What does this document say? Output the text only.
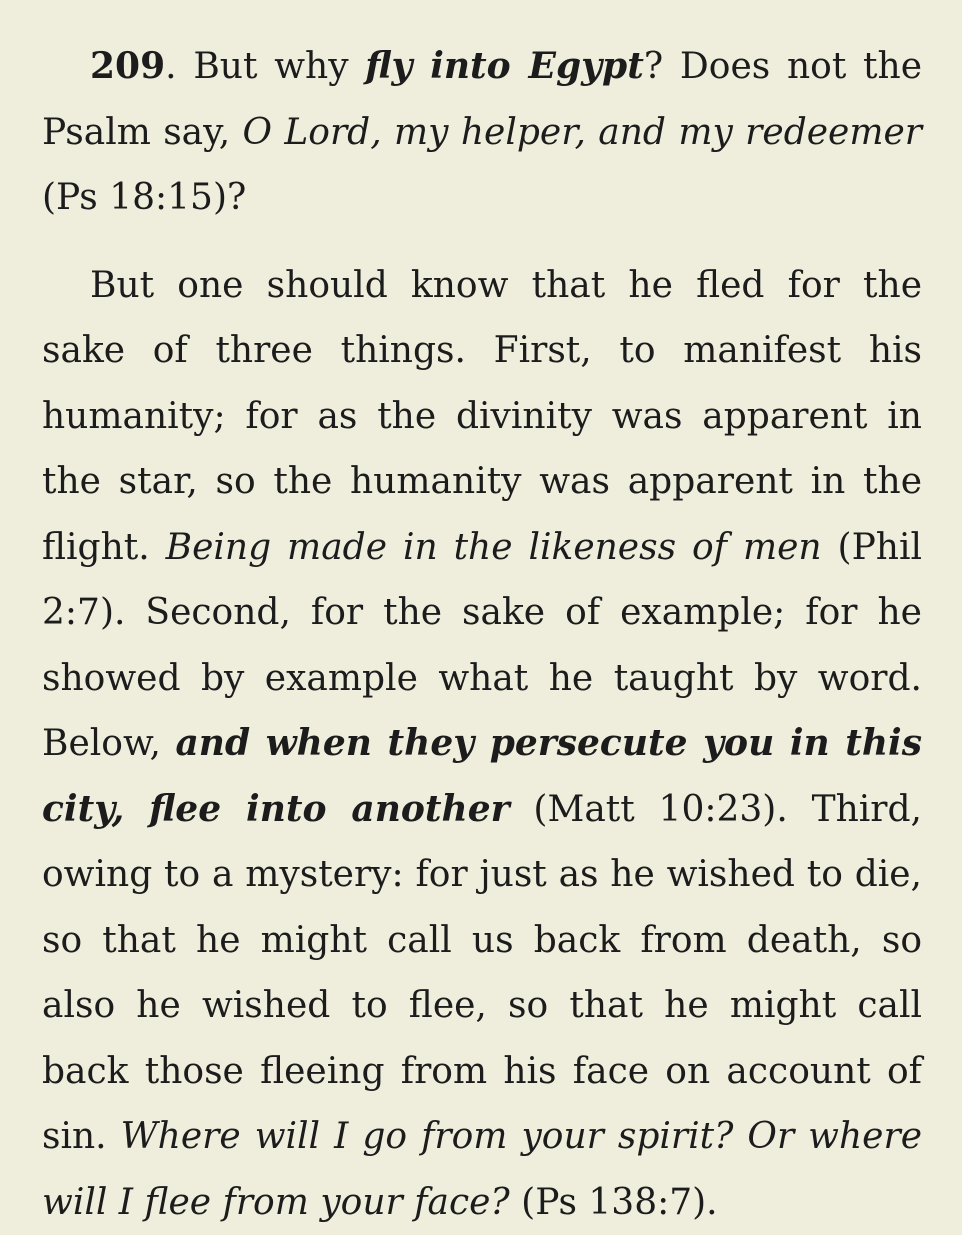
209. But why fly into Egypt? Does not the Psalm say, O Lord, my helper, and my redeemer (Ps 18:15)?

But one should know that he fled for the sake of three things. First, to manifest his humanity; for as the divinity was apparent in the star, so the humanity was apparent in the flight. Being made in the likeness of men (Phil 2:7). Second, for the sake of example; for he showed by example what he taught by word. Below, and when they persecute you in this city, flee into another (Matt 10:23). Third, owing to a mystery: for just as he wished to die, so that he might call us back from death, so also he wished to flee, so that he might call back those fleeing from his face on account of sin. Where will I go from your spirit? Or where will I flee from your face? (Ps 138:7).
